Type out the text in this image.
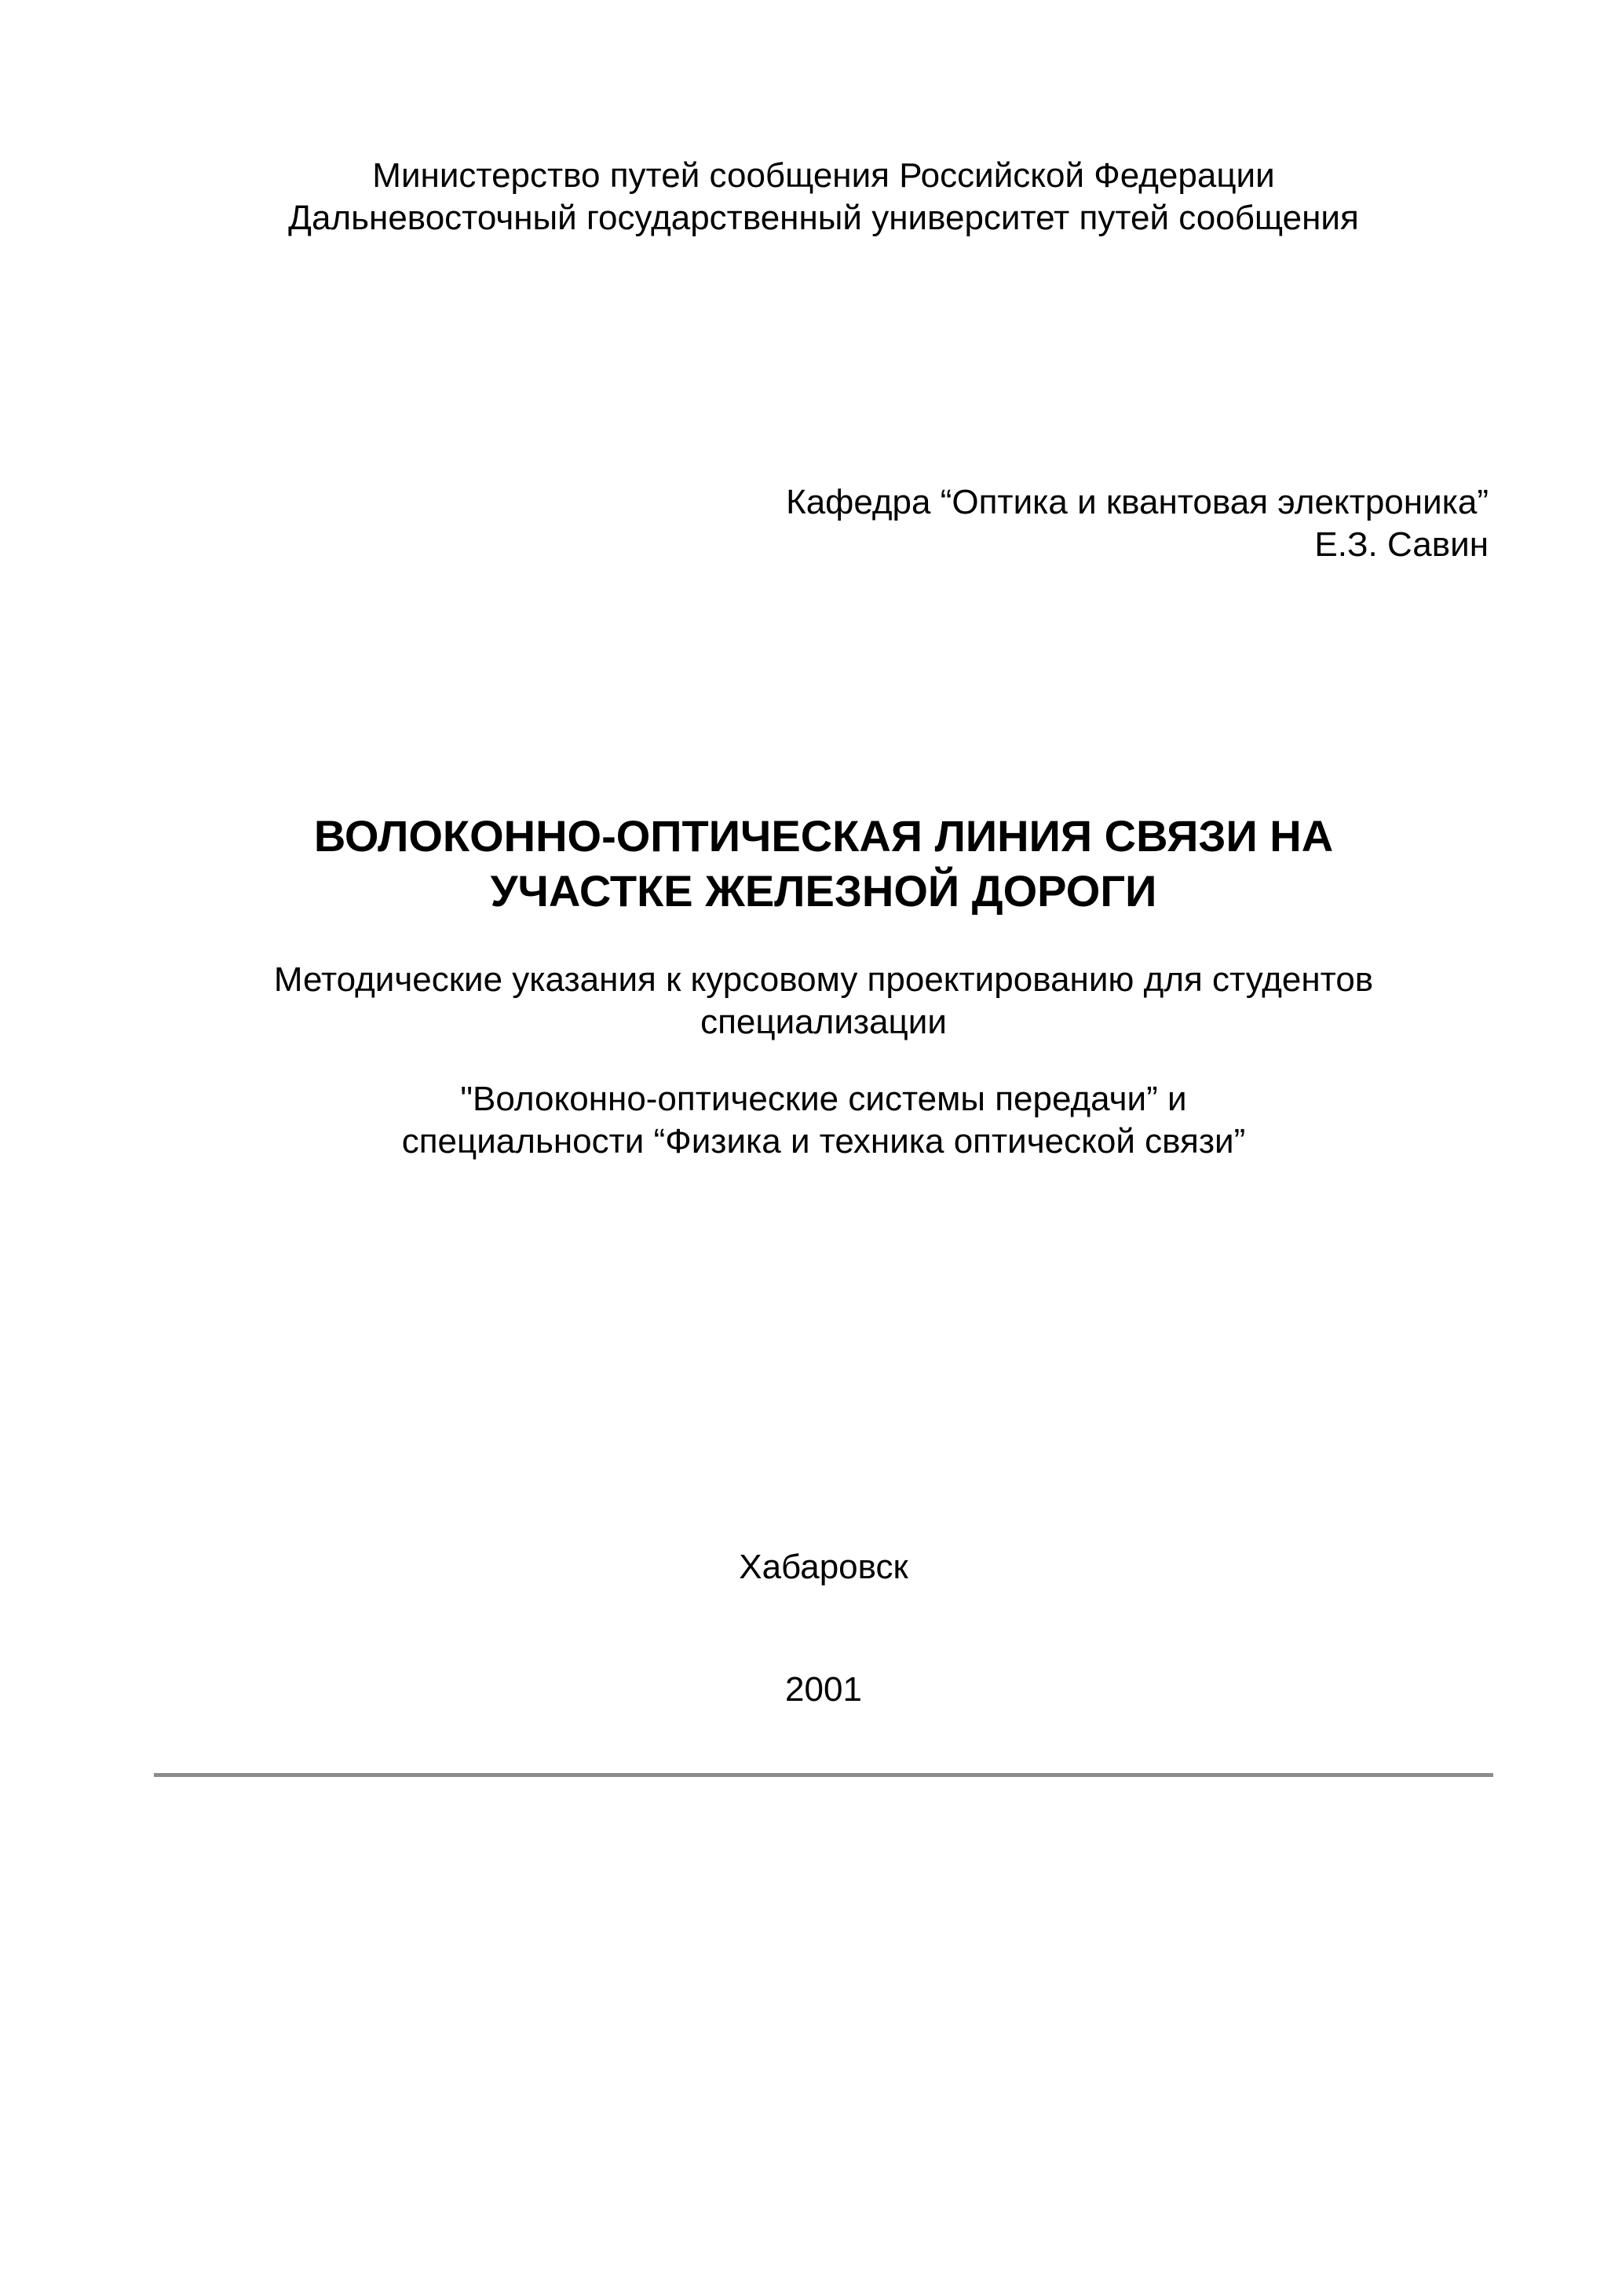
Министерство путей сообщения Российской Федерации
Дальневосточный государственный университет путей сообщения
Кафедра “Оптика и квантовая электроника”
Е.З. Савин
ВОЛОКОННО-ОПТИЧЕСКАЯ ЛИНИЯ СВЯЗИ НА
УЧАСТКЕ ЖЕЛЕЗНОЙ ДОРОГИ
Методические указания к курсовому проектированию для студентов
специализации
"Волоконно-оптические системы передачи” и
специальности “Физика и техника оптической связи”
Хабаровск
2001
